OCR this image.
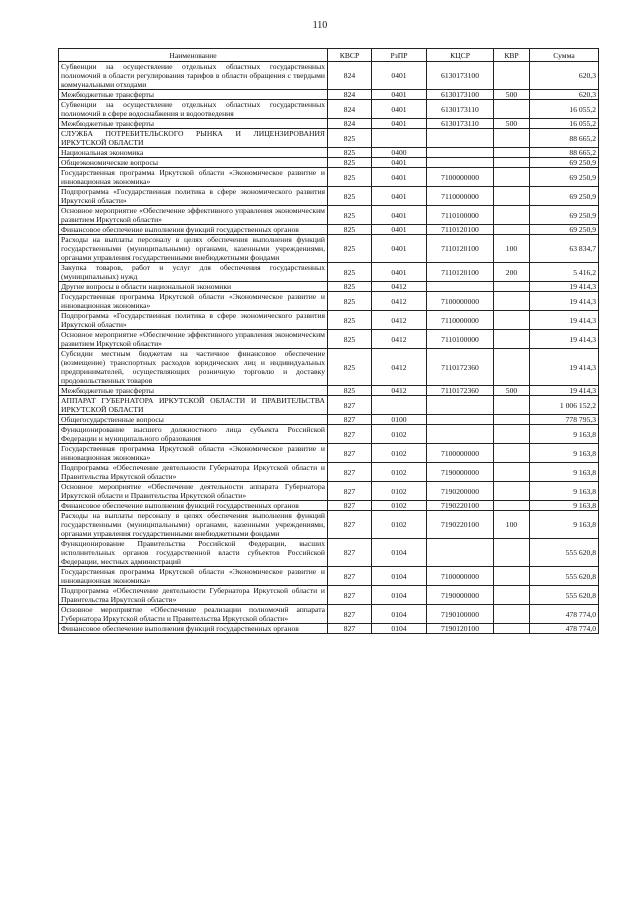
110
Наименование	КВСР	РзПР	КЦСР	КВР	Сумма
Субвенции на осуществление отдельных областных государственных полномочий в области регулирования тарифов в области обращения с твердыми коммунальными отходами	824	0401	6130173100		620,3
Межбюджетные трансферты	824	0401	6130173100	500	620,3
Субвенции на осуществление отдельных областных государственных полномочий в сфере водоснабжения и водоотведения	824	0401	6130173110		16 055,2
Межбюджетные трансферты	824	0401	6130173110	500	16 055,2
СЛУЖБА ПОТРЕБИТЕЛЬСКОГО РЫНКА И ЛИЦЕНЗИРОВАНИЯ ИРКУТСКОЙ ОБЛАСТИ	825				88 665,2
Национальная экономика	825	0400			88 665,2
Общеэкономические вопросы	825	0401			69 250,9
Государственная программа Иркутской области «Экономическое развитие и инновационная экономика»	825	0401	7100000000		69 250,9
Подпрограмма «Государственная политика в сфере экономического развития Иркутской области»	825	0401	7110000000		69 250,9
Основное мероприятие «Обеспечение эффективного управления экономическим развитием Иркутской области»	825	0401	7110100000		69 250,9
Финансовое обеспечение выполнения функций государственных органов	825	0401	7110120100		69 250,9
Расходы на выплаты персоналу в целях обеспечения выполнения функций государственными (муниципальными) органами, казенными учреждениями, органами управления государственными внебюджетными фондами	825	0401	7110120100	100	63 834,7
Закупка товаров, работ и услуг для обеспечения государственных (муниципальных) нужд	825	0401	7110120100	200	5 416,2
Другие вопросы в области национальной экономики	825	0412			19 414,3
Государственная программа Иркутской области «Экономическое развитие и инновационная экономика»	825	0412	7100000000		19 414,3
Подпрограмма «Государственная политика в сфере экономического развития Иркутской области»	825	0412	7110000000		19 414,3
Основное мероприятие «Обеспечение эффективного управления экономическим развитием Иркутской области»	825	0412	7110100000		19 414,3
Субсидии местным бюджетам на частичное финансовое обеспечение (возмещение) транспортных расходов юридических лиц и индивидуальных предпринимателей, осуществляющих розничную торговлю и доставку продовольственных товаров	825	0412	7110172360		19 414,3
Межбюджетные трансферты	825	0412	7110172360	500	19 414,3
АППАРАТ ГУБЕРНАТОРА ИРКУТСКОЙ ОБЛАСТИ И ПРАВИТЕЛЬСТВА ИРКУТСКОЙ ОБЛАСТИ	827				1 006 152,2
Общегосударственные вопросы	827	0100			778 795,3
Функционирование высшего должностного лица субъекта Российской Федерации и муниципального образования	827	0102			9 163,8
Государственная программа Иркутской области «Экономическое развитие и инновационная экономика»	827	0102	7100000000		9 163,8
Подпрограмма «Обеспечение деятельности Губернатора Иркутской области и Правительства Иркутской области»	827	0102	7190000000		9 163,8
Основное мероприятие «Обеспечение деятельности аппарата Губернатора Иркутской области и Правительства Иркутской области»	827	0102	7190200000		9 163,8
Финансовое обеспечение выполнения функций государственных органов	827	0102	7190220100		9 163,8
Расходы на выплаты персоналу в целях обеспечения выполнения функций государственными (муниципальными) органами, казенными учреждениями, органами управления государственными внебюджетными фондами	827	0102	7190220100	100	9 163,8
Функционирование Правительства Российской Федерации, высших исполнительных органов государственной власти субъектов Российской Федерации, местных администраций	827	0104			555 620,8
Государственная программа Иркутской области «Экономическое развитие и инновационная экономика»	827	0104	7100000000		555 620,8
Подпрограмма «Обеспечение деятельности Губернатора Иркутской области и Правительства Иркутской области»	827	0104	7190000000		555 620,8
Основное мероприятие «Обеспечение реализации полномочий аппарата Губернатора Иркутской области и Правительства Иркутской области»	827	0104	7190100000		478 774,0
Финансовое обеспечение выполнения функций государственных органов	827	0104	7190120100		478 774,0
